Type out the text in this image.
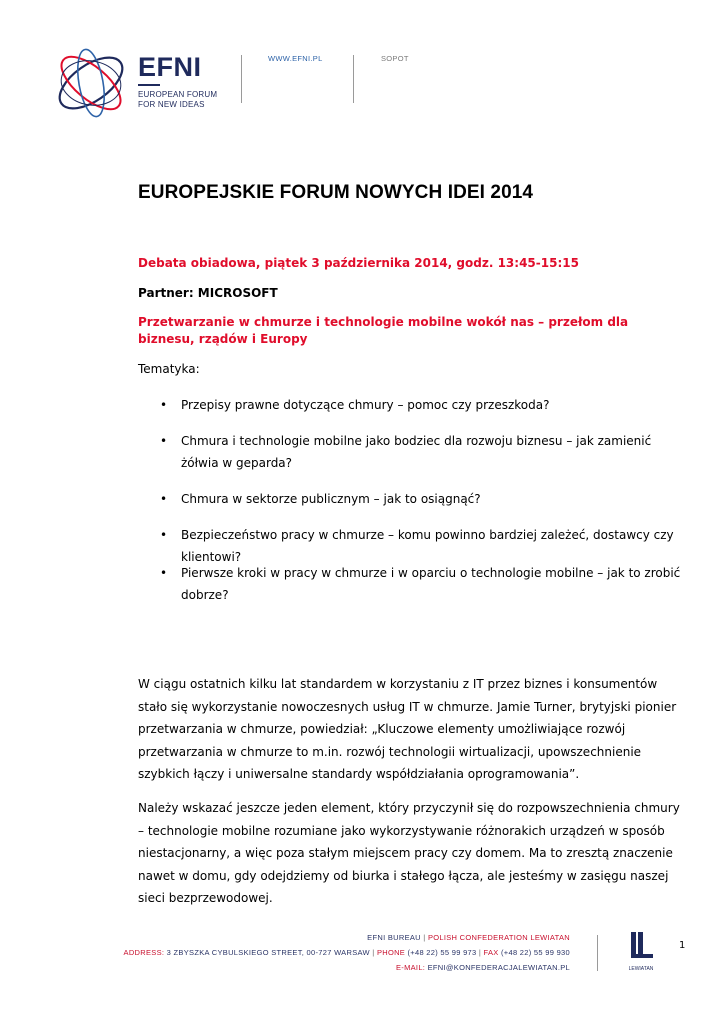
EFNI
EUROPEAN FORUM
FOR NEW IDEAS
WWW.EFNI.PL	SOPOT
EUROPEJSKIE FORUM NOWYCH IDEI 2014
Debata obiadowa, piątek 3 października 2014, godz. 13:45-15:15
Partner: MICROSOFT
Przetwarzanie w chmurze i technologie mobilne wokół nas – przełom dla biznesu, rządów i Europy
Tematyka:
• Przepisy prawne dotyczące chmury – pomoc czy przeszkoda?
• Chmura i technologie mobilne jako bodziec dla rozwoju biznesu – jak zamienić żółwia w geparda?
• Chmura w sektorze publicznym – jak to osiągnąć?
• Bezpieczeństwo pracy w chmurze – komu powinno bardziej zależeć, dostawcy czy klientowi?
• Pierwsze kroki w pracy w chmurze i w oparciu o technologie mobilne – jak to zrobić dobrze?

W ciągu ostatnich kilku lat standardem w korzystaniu z IT przez biznes i konsumentów stało się wykorzystanie nowoczesnych usług IT w chmurze. Jamie Turner, brytyjski pionier przetwarzania w chmurze, powiedział: „Kluczowe elementy umożliwiające rozwój przetwarzania w chmurze to m.in. rozwój technologii wirtualizacji, upowszechnienie szybkich łączy i uniwersalne standardy współdziałania oprogramowania”.

Należy wskazać jeszcze jeden element, który przyczynił się do rozpowszechnienia chmury – technologie mobilne rozumiane jako wykorzystywanie różnorakich urządzeń w sposób niestacjonarny, a więc poza stałym miejscem pracy czy domem. Ma to zresztą znaczenie nawet w domu, gdy odejdziemy od biurka i stałego łącza, ale jesteśmy w zasięgu naszej sieci bezprzewodowej.

EFNI BUREAU | POLISH CONFEDERATION LEWIATAN
ADDRESS: 3 ZBYSZKA CYBULSKIEGO STREET, 00-727 WARSAW | PHONE (+48 22) 55 99 973 | FAX (+48 22) 55 99 930
E-MAIL: EFNI@KONFEDERACJALEWIATAN.PL	LEWIATAN
1
